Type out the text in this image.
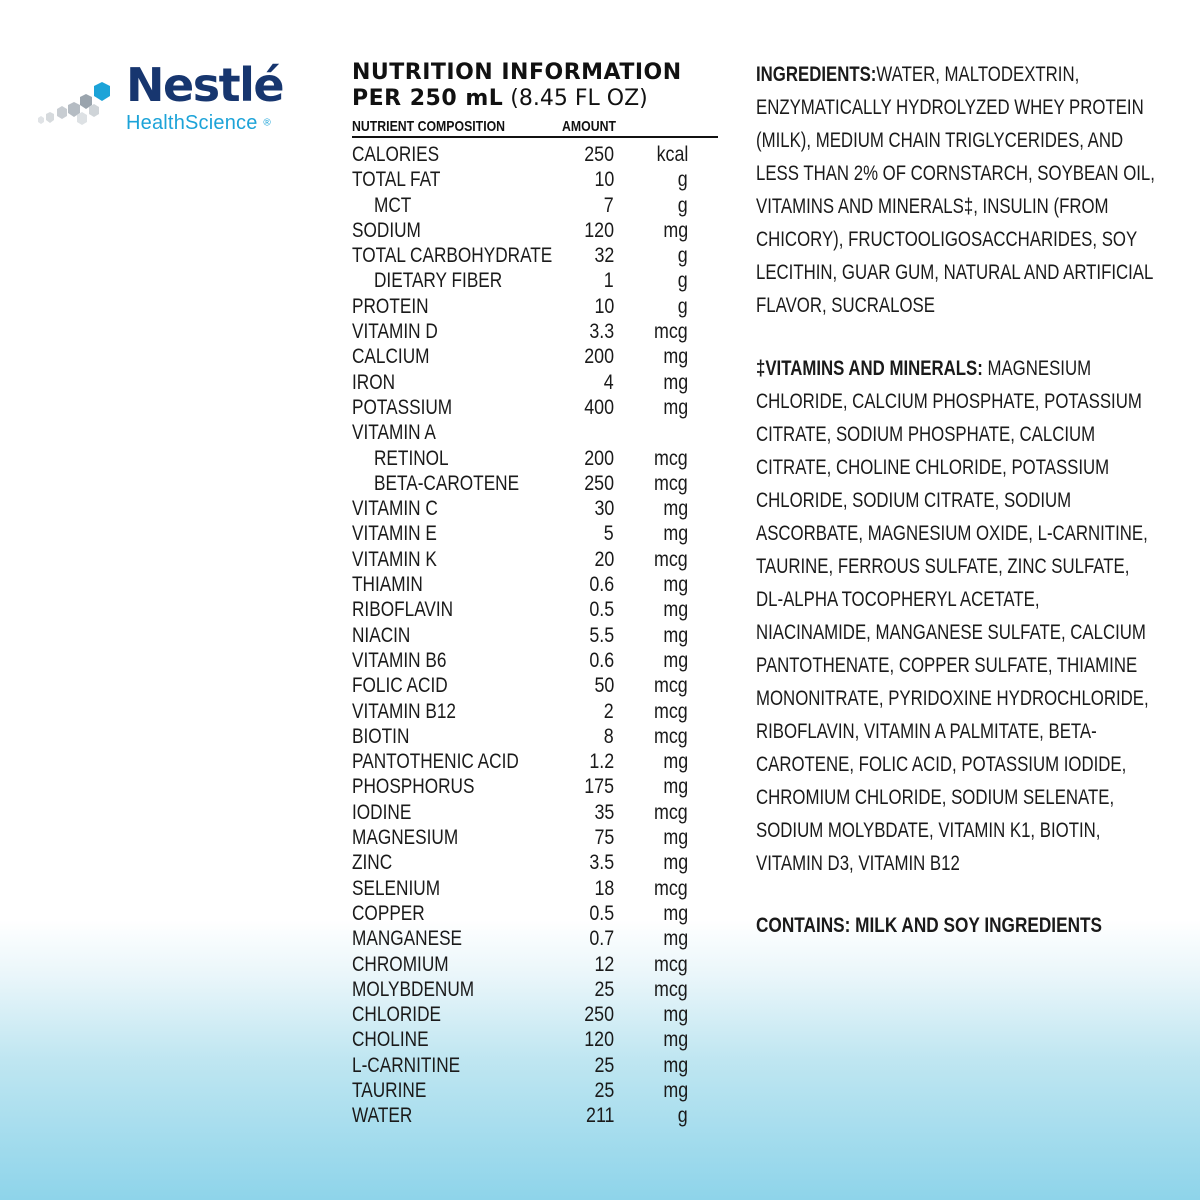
Nestlé
HealthScience ®
NUTRITION INFORMATION
PER 250 mL (8.45 FL OZ)
NUTRIENT COMPOSITION	AMOUNT
CALORIES	250 kcal
TOTAL FAT	10	g
MCT	7	g
SODIUM	120 mg
TOTAL CARBOHYDRATE 32	g
DIETARY FIBER	1	g
PROTEIN	10	g
VITAMIN D	3.3 mcg
CALCIUM	200 mg
IRON	4 mg
POTASSIUM	400 mg
VITAMIN A
RETINOL	200 mcg
BETA-CAROTENE	250 mcg
VITAMIN C	30 mg
VITAMIN E	5 mg
VITAMIN K	20 mcg
THIAMIN	0.6 mg
RIBOFLAVIN	0.5 mg
NIACIN	5.5 mg
VITAMIN B6	0.6 mg
FOLIC ACID	50 mcg
VITAMIN B12	2 mcg
BIOTIN	8 mcg
PANTOTHENIC ACID	1.2 mg
PHOSPHORUS	175 mg
IODINE	35 mcg
MAGNESIUM	75 mg
ZINC	3.5 mg
SELENIUM	18 mcg
COPPER	0.5 mg
MANGANESE	0.7 mg
CHROMIUM	12 mcg
MOLYBDENUM	25 mcg
CHLORIDE	250 mg
CHOLINE	120 mg
L-CARNITINE	25 mg
TAURINE	25 mg
WATER	211	g

INGREDIENTS:WATER, MALTODEXTRIN, ENZYMATICALLY HYDROLYZED WHEY PROTEIN (MILK), MEDIUM CHAIN TRIGLYCERIDES, AND LESS THAN 2% OF CORNSTARCH, SOYBEAN OIL, VITAMINS AND MINERALS‡, INSULIN (FROM CHICORY), FRUCTOOLIGOSACCHARIDES, SOY LECITHIN, GUAR GUM, NATURAL AND ARTIFICIAL FLAVOR, SUCRALOSE

‡VITAMINS AND MINERALS: MAGNESIUM CHLORIDE, CALCIUM PHOSPHATE, POTASSIUM CITRATE, SODIUM PHOSPHATE, CALCIUM CITRATE, CHOLINE CHLORIDE, POTASSIUM CHLORIDE, SODIUM CITRATE, SODIUM ASCORBATE, MAGNESIUM OXIDE, L-CARNITINE, TAURINE, FERROUS SULFATE, ZINC SULFATE, DL-ALPHA TOCOPHERYL ACETATE, NIACINAMIDE, MANGANESE SULFATE, CALCIUM PANTOTHENATE, COPPER SULFATE, THIAMINE MONONITRATE, PYRIDOXINE HYDROCHLORIDE, RIBOFLAVIN, VITAMIN A PALMITATE, BETA-CAROTENE, FOLIC ACID, POTASSIUM IODIDE, CHROMIUM CHLORIDE, SODIUM SELENATE, SODIUM MOLYBDATE, VITAMIN K1, BIOTIN, VITAMIN D3, VITAMIN B12

CONTAINS: MILK AND SOY INGREDIENTS
